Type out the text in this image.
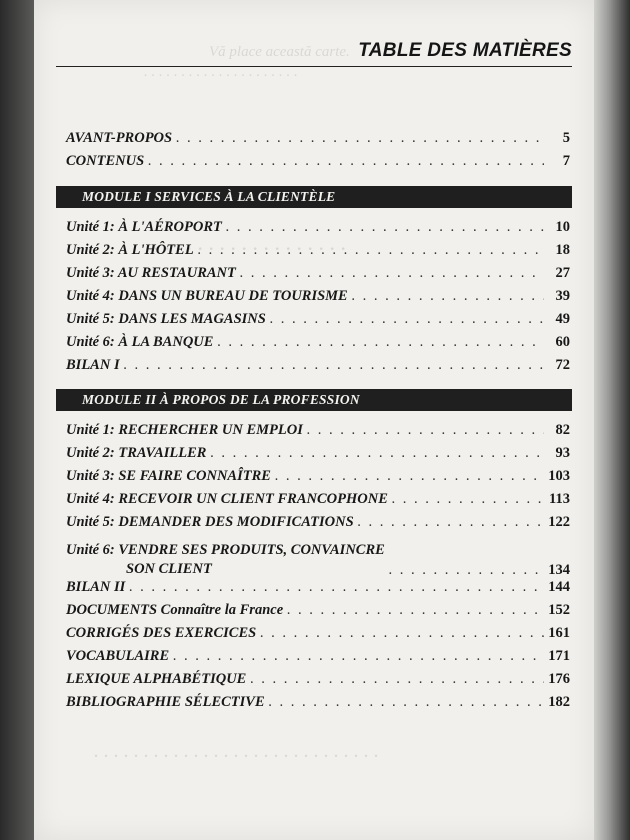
Vă place această carte.
. . . . . . . . . . . . . . . . . . . . .
. . . . . . . . . . . . . . . . . .
. . . . . . . . . . . . . . . . . . . . . . . . . . . . .
TABLE DES MATIÈRES
AVANT-PROPOS . . .	5
CONTENUS . . .	7
MODULE I SERVICES À LA CLIENTÈLE
Unité 1: À L'AÉROPORT . . .	10
Unité 2: À L'HÔTEL . . .	18
Unité 3: AU RESTAURANT . . .	27
Unité 4: DANS UN BUREAU DE TOURISME . . .	39
Unité 5: DANS LES MAGASINS . . .	49
Unité 6: À LA BANQUE . . .	60
BILAN I . . .	72
MODULE II À PROPOS DE LA PROFESSION
Unité 1: RECHERCHER UN EMPLOI . . .	82
Unité 2: TRAVAILLER . . .	93
Unité 3: SE FAIRE CONNAÎTRE . . .	103
Unité 4: RECEVOIR UN CLIENT FRANCOPHONE . . .	113
Unité 5: DEMANDER DES MODIFICATIONS . . .	122
Unité 6: VENDRE SES PRODUITS, CONVAINCRE
SON CLIENT . . .	134
BILAN II . . .	144
DOCUMENTS Connaître la France . . .	152
CORRIGÉS DES EXERCICES . . .	161
VOCABULAIRE . . .	171
LEXIQUE ALPHABÉTIQUE . . .	176
BIBLIOGRAPHIE SÉLECTIVE . . .	182
